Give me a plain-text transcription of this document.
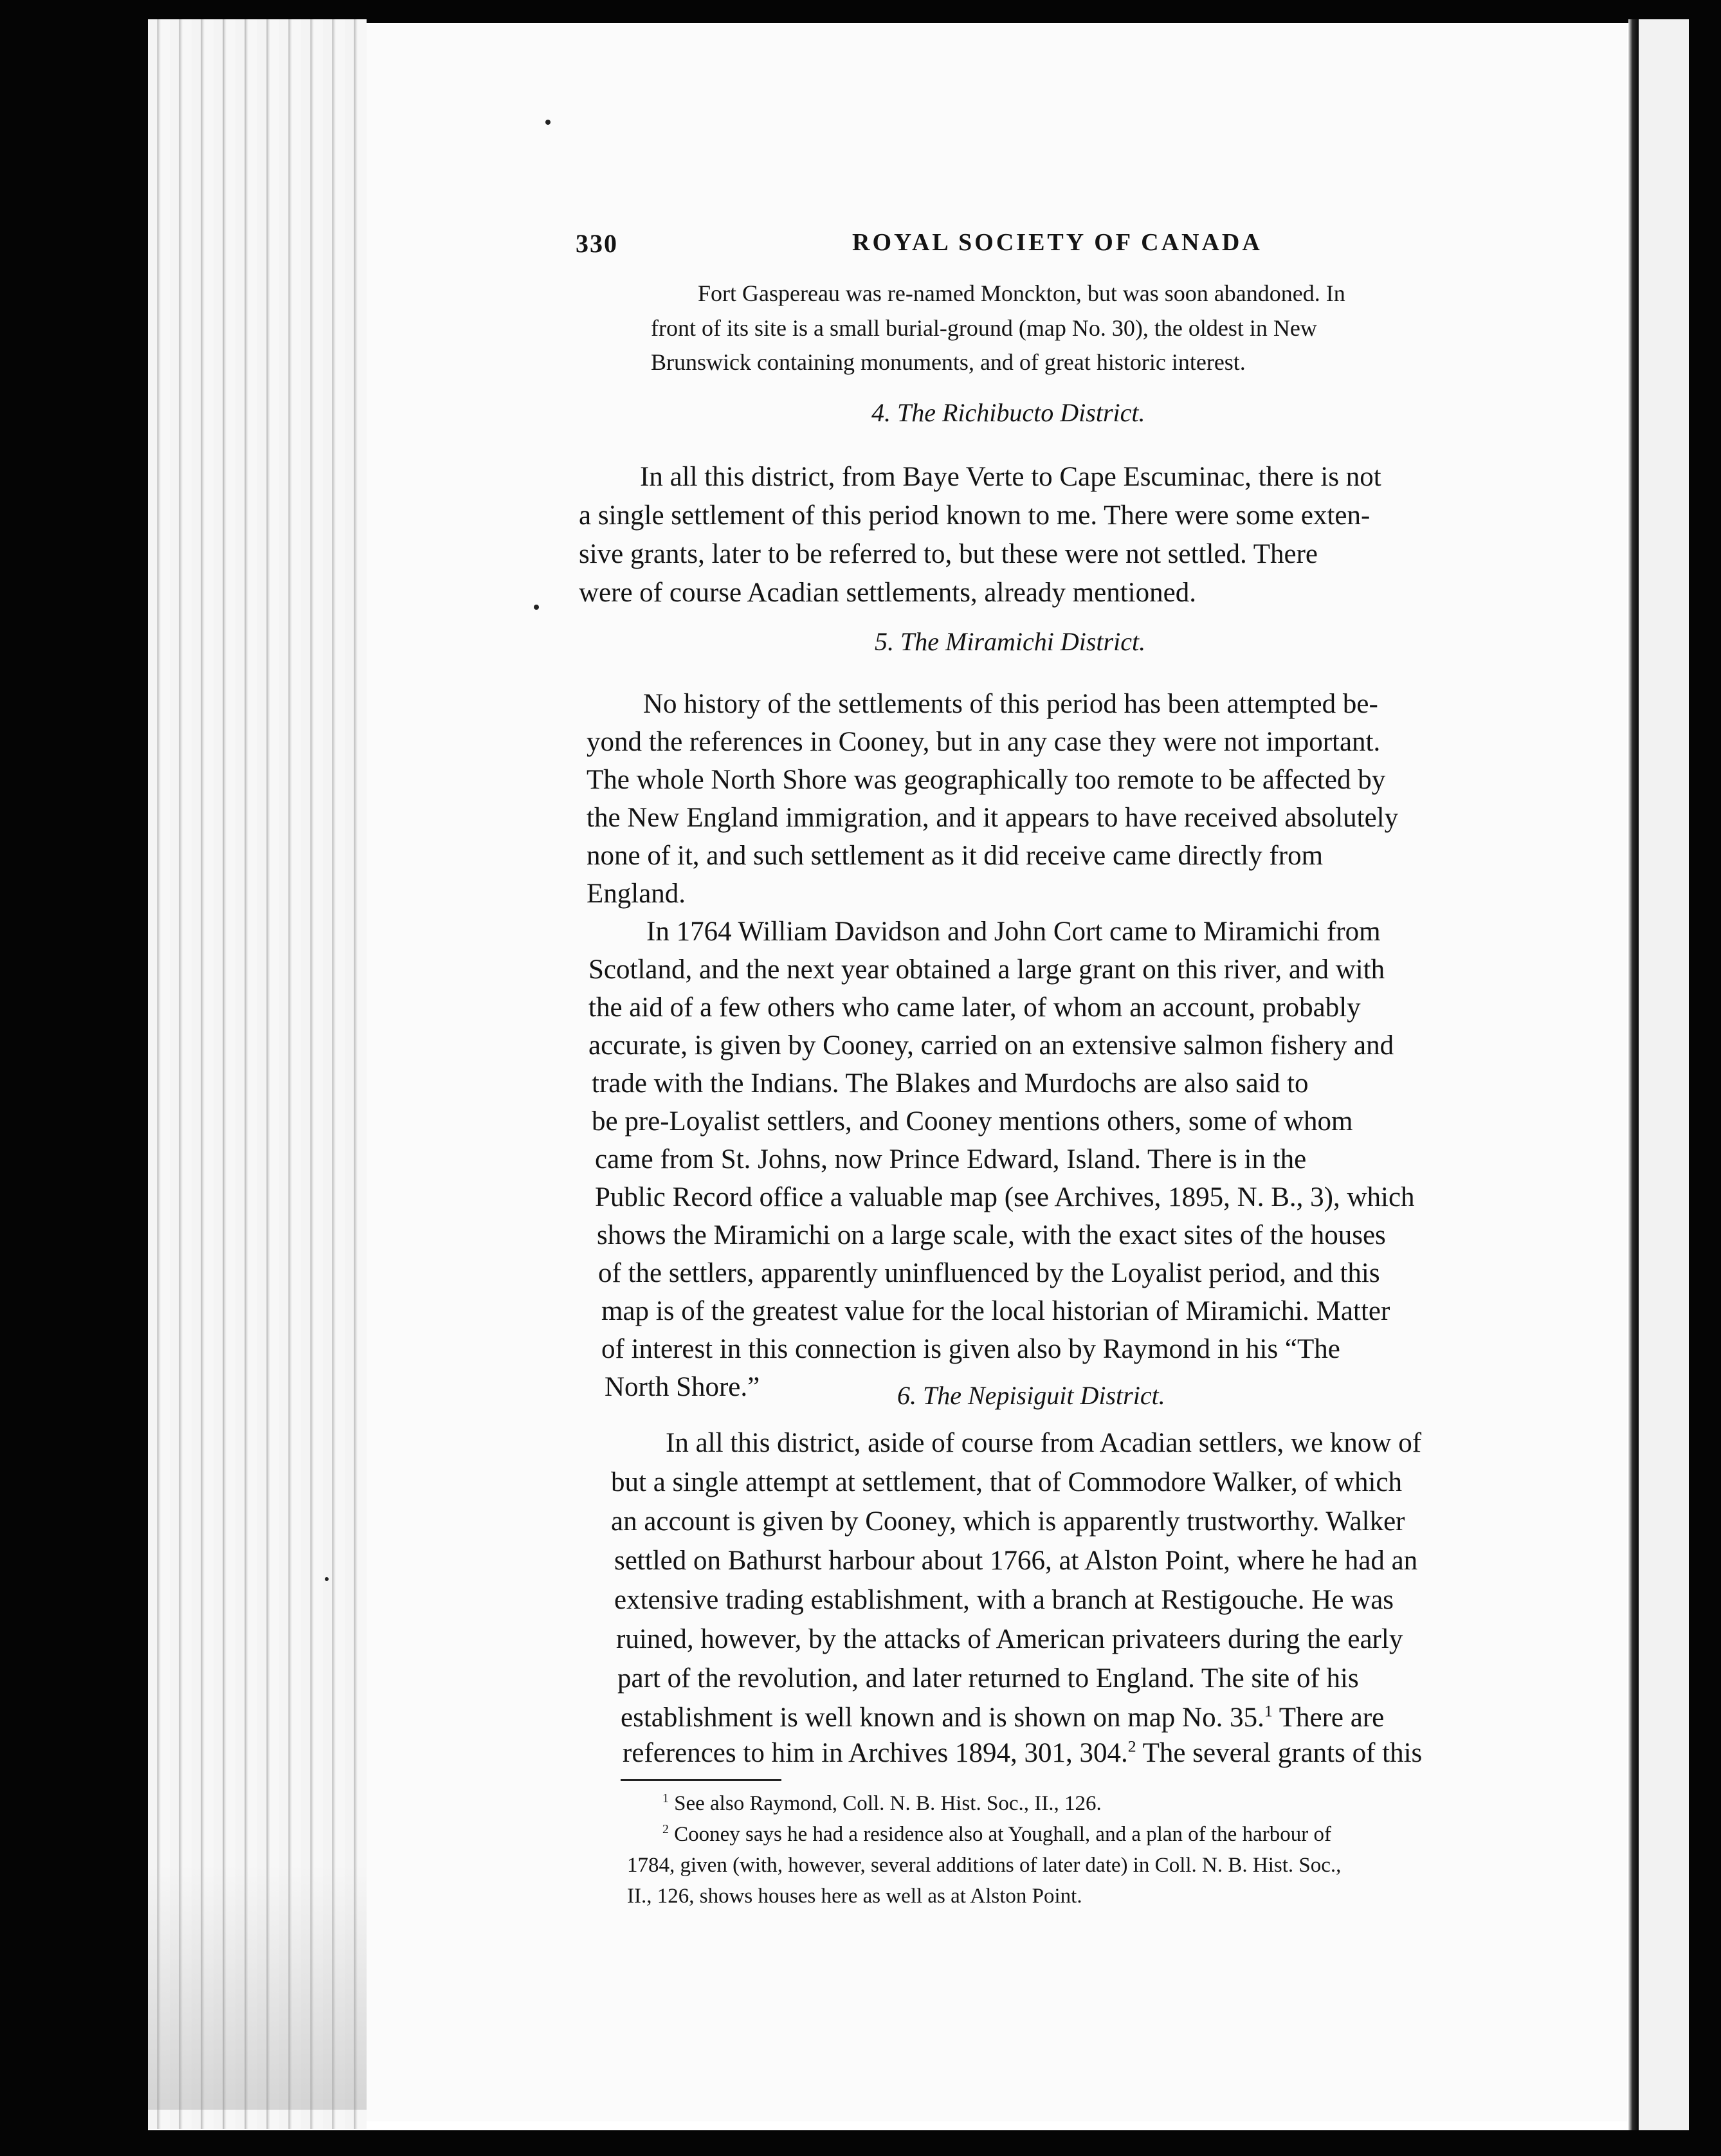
330	ROYAL SOCIETY OF CANADA
Fort Gaspereau was re-named Monckton, but was soon abandoned. In
front of its site is a small burial-ground (map No. 30), the oldest in New
Brunswick containing monuments, and of great historic interest.
4. The Richibucto District.
In all this district, from Baye Verte to Cape Escuminac, there is not
a single settlement of this period known to me. There were some exten-
sive grants, later to be referred to, but these were not settled. There
were of course Acadian settlements, already mentioned.
5. The Miramichi District.
No history of the settlements of this period has been attempted be-
yond the references in Cooney, but in any case they were not important.
The whole North Shore was geographically too remote to be affected by
the New England immigration, and it appears to have received absolutely
none of it, and such settlement as it did receive came directly from
England.
In 1764 William Davidson and John Cort came to Miramichi from
Scotland, and the next year obtained a large grant on this river, and with
the aid of a few others who came later, of whom an account, probably
accurate, is given by Cooney, carried on an extensive salmon fishery and
trade with the Indians. The Blakes and Murdochs are also said to
be pre-Loyalist settlers, and Cooney mentions others, some of whom
came from St. Johns, now Prince Edward, Island. There is in the
Public Record office a valuable map (see Archives, 1895, N. B., 3), which
shows the Miramichi on a large scale, with the exact sites of the houses
of the settlers, apparently uninfluenced by the Loyalist period, and this
map is of the greatest value for the local historian of Miramichi. Matter
of interest in this connection is given also by Raymond in his “The
North Shore.”	6. The Nepisiguit District.
In all this district, aside of course from Acadian settlers, we know of
but a single attempt at settlement, that of Commodore Walker, of which
an account is given by Cooney, which is apparently trustworthy. Walker
settled on Bathurst harbour about 1766, at Alston Point, where he had an
extensive trading establishment, with a branch at Restigouche. He was
ruined, however, by the attacks of American privateers during the early
part of the revolution, and later returned to England. The site of his
establishment is well known and is shown on map No. 35.$^1$ There are
references to him in Archives 1894, 301, 304.$^2$ The several grants of this
$^1$ See also Raymond, Coll. N. B. Hist. Soc., II., 126.
$^2$ Cooney says he had a residence also at Youghall, and a plan of the harbour of
1784, given (with, however, several additions of later date) in Coll. N. B. Hist. Soc.,
II., 126, shows houses here as well as at Alston Point.
